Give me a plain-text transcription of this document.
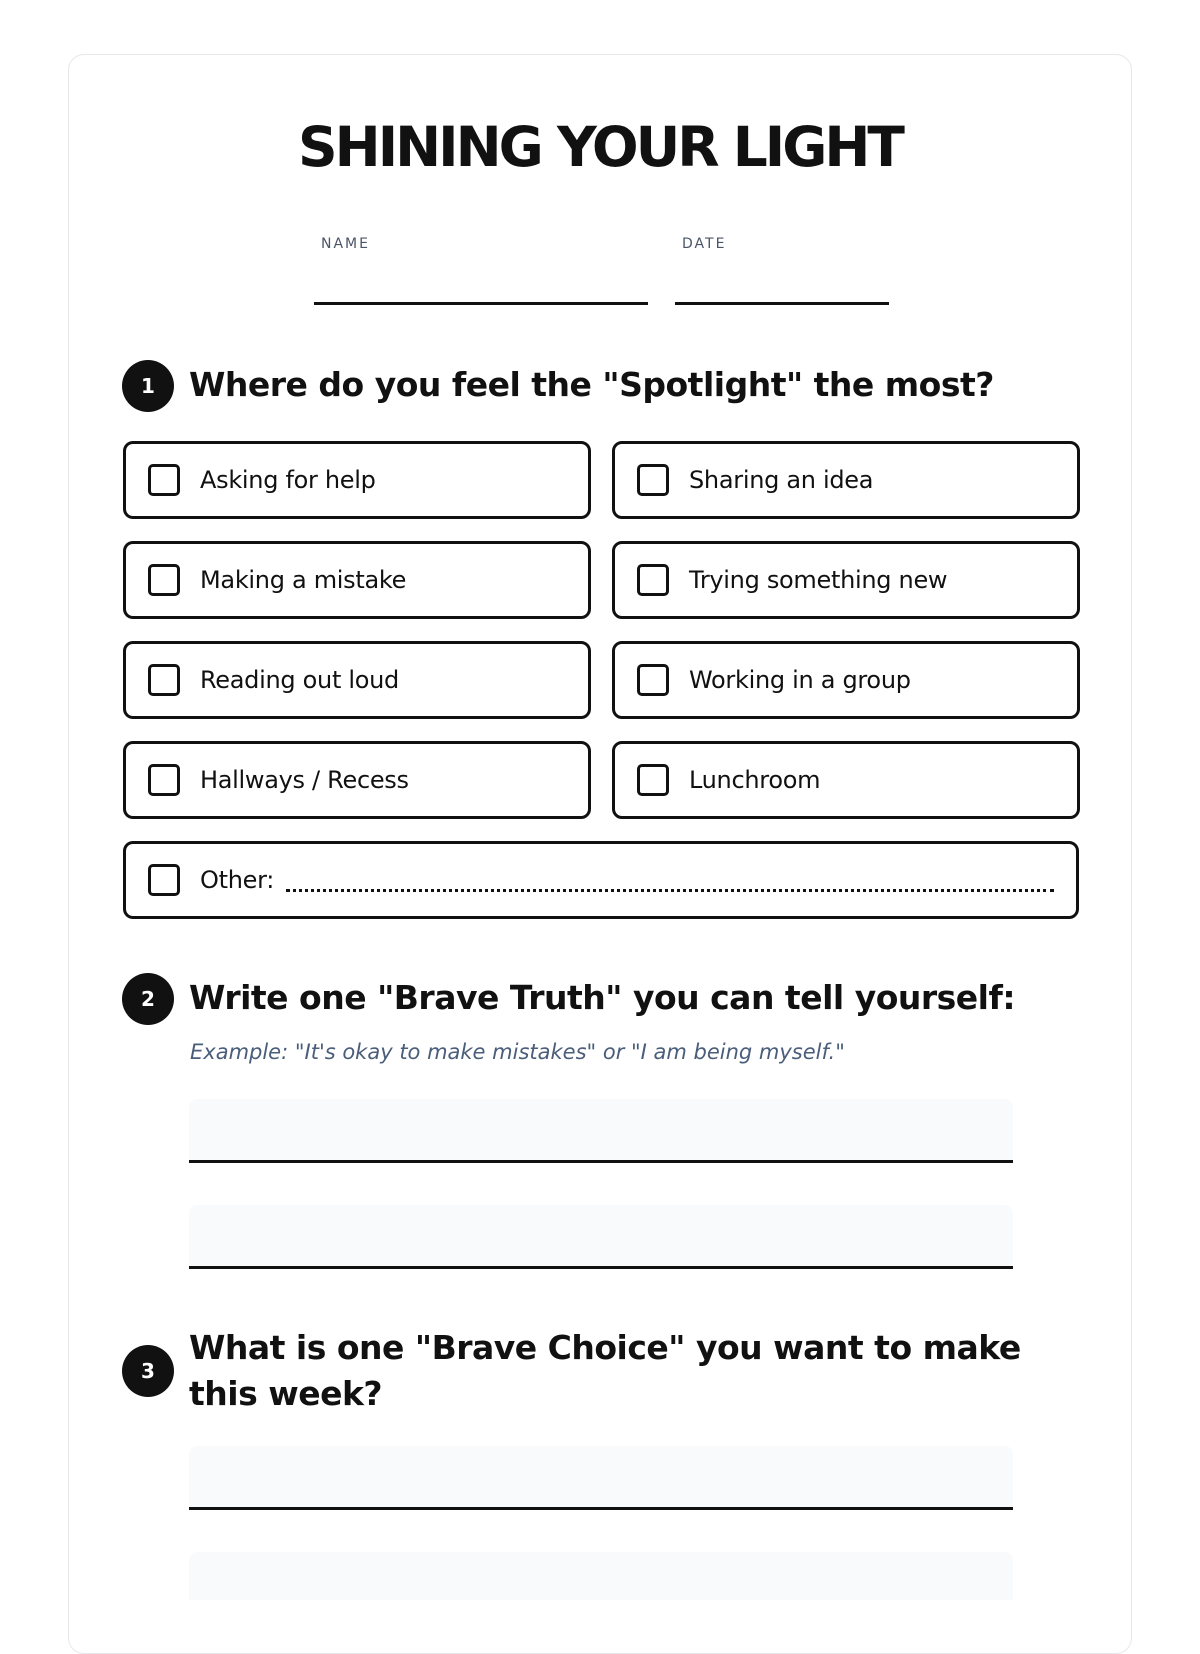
SHINING YOUR LIGHT
NAME	DATE
1	Where do you feel the "Spotlight" the most?
Asking for help	Sharing an idea
Making a mistake	Trying something new
Reading out loud	Working in a group
Hallways / Recess	Lunchroom
Other:
2	Write one "Brave Truth" you can tell yourself:

Example: "It's okay to make mistakes" or "I am being myself."

3
What is one "Brave Choice" you want to make this week?
